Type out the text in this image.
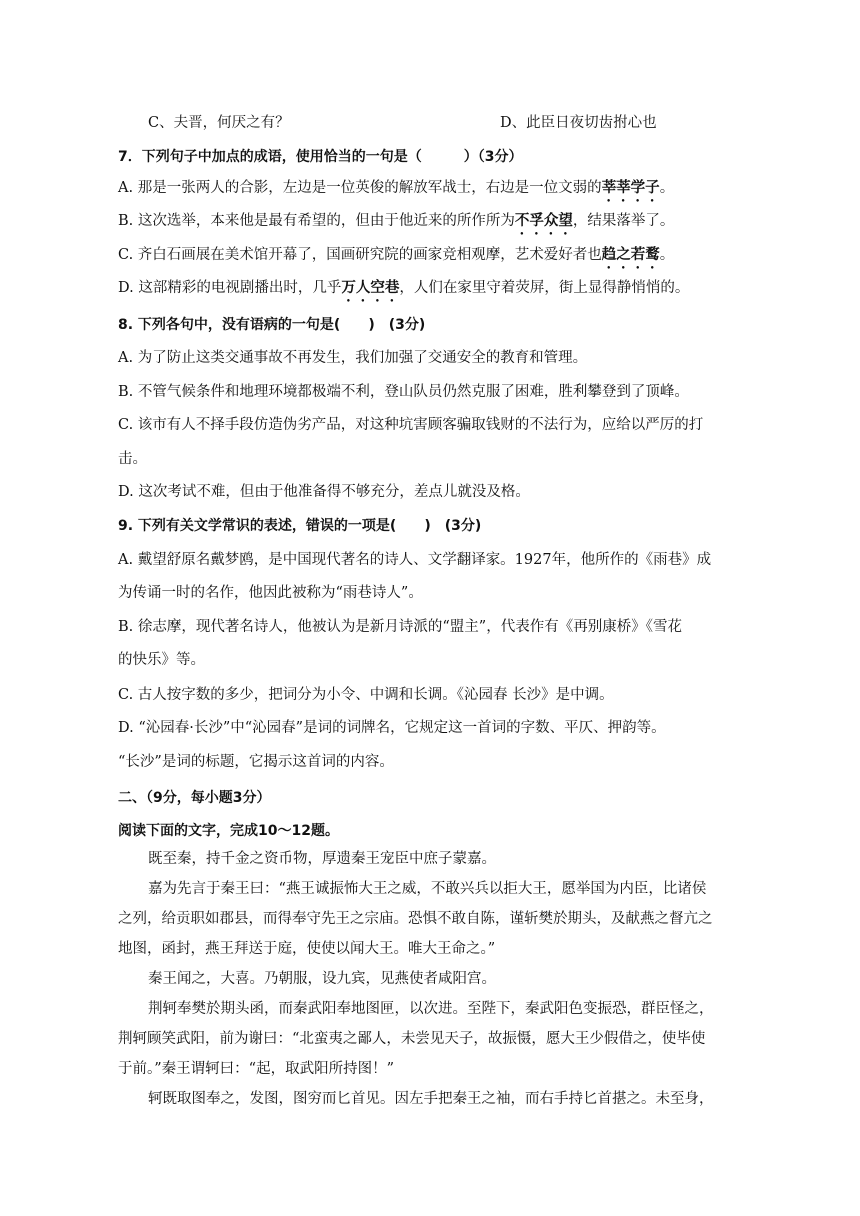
C、夫晋，何厌之有？	D、此臣日夜切齿拊心也
7．下列句子中加点的成语，使用恰当的一句是（　　　）（3分）
A. 那是一张两人的合影，左边是一位英俊的解放军战士，右边是一位文弱的莘莘学子。
B. 这次选举，本来他是最有希望的，但由于他近来的所作所为不孚众望，结果落举了。
C. 齐白石画展在美术馆开幕了，国画研究院的画家竞相观摩，艺术爱好者也趋之若鹜。
D. 这部精彩的电视剧播出时，几乎万人空巷，人们在家里守着荧屏，街上显得静悄悄的。
8. 下列各句中，没有语病的一句是(　　)　(3分)
A. 为了防止这类交通事故不再发生，我们加强了交通安全的教育和管理。
B. 不管气候条件和地理环境都极端不利，登山队员仍然克服了困难，胜利攀登到了顶峰。
C. 该市有人不择手段仿造伪劣产品，对这种坑害顾客骗取钱财的不法行为，应给以严厉的打
击。
D. 这次考试不难，但由于他准备得不够充分，差点儿就没及格。
9. 下列有关文学常识的表述，错误的一项是(　　)　(3分)
A. 戴望舒原名戴梦鸥，是中国现代著名的诗人、文学翻译家。1927年，他所作的《雨巷》成
为传诵一时的名作，他因此被称为“雨巷诗人”。
B. 徐志摩，现代著名诗人，他被认为是新月诗派的“盟主”，代表作有《再别康桥》《雪花
的快乐》等。
C. 古人按字数的多少，把词分为小令、中调和长调。《沁园春 长沙》是中调。
D. “沁园春·长沙”中“沁园春”是词的词牌名，它规定这一首词的字数、平仄、押韵等。
“长沙”是词的标题，它揭示这首词的内容。
二、（9分，每小题3分）
阅读下面的文字，完成10～12题。
既至秦，持千金之资币物，厚遗秦王宠臣中庶子蒙嘉。
嘉为先言于秦王曰：“燕王诚振怖大王之威，不敢兴兵以拒大王，愿举国为内臣，比诸侯
之列，给贡职如郡县，而得奉守先王之宗庙。恐惧不敢自陈，谨斩樊於期头，及献燕之督亢之
地图，函封，燕王拜送于庭，使使以闻大王。唯大王命之。”
秦王闻之，大喜。乃朝服，设九宾，见燕使者咸阳宫。
荆轲奉樊於期头函，而秦武阳奉地图匣，以次进。至陛下，秦武阳色变振恐，群臣怪之，
荆轲顾笑武阳，前为谢曰：“北蛮夷之鄙人，未尝见天子，故振慑，愿大王少假借之，使毕使
于前。”秦王谓轲曰：“起，取武阳所持图！”
轲既取图奉之，发图，图穷而匕首见。因左手把秦王之袖，而右手持匕首揕之。未至身，
